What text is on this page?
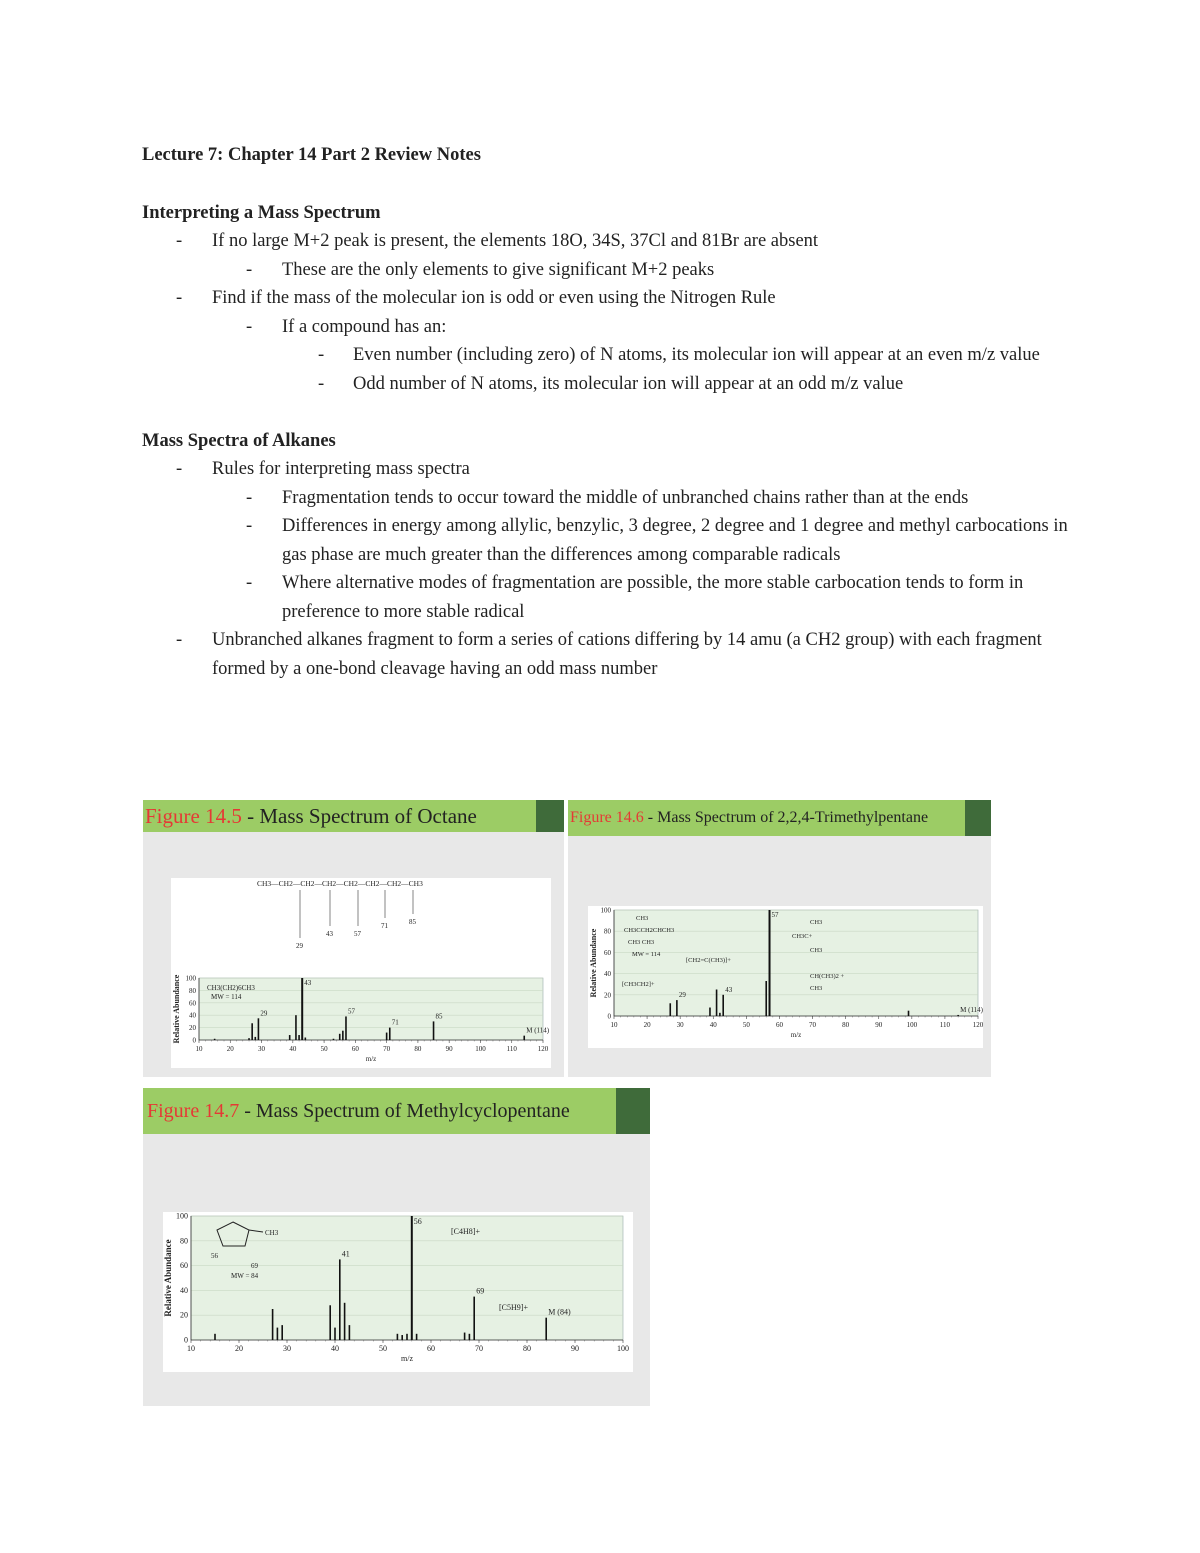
Lecture 7: Chapter 14 Part 2 Review Notes
Interpreting a Mass Spectrum
- If no large M+2 peak is present, the elements 18O, 34S, 37Cl and 81Br are absent
- These are the only elements to give significant M+2 peaks
- Find if the mass of the molecular ion is odd or even using the Nitrogen Rule
- If a compound has an:
- Even number (including zero) of N atoms, its molecular ion will appear at an even m/z value
- Odd number of N atoms, its molecular ion will appear at an odd m/z value
Mass Spectra of Alkanes
- Rules for interpreting mass spectra
- Fragmentation tends to occur toward the middle of unbranched chains rather than at the ends
- Differences in energy among allylic, benzylic, 3 degree, 2 degree and 1 degree and methyl carbocations in gas phase are much greater than the differences among comparable radicals
- Where alternative modes of fragmentation are possible, the more stable carbocation tends to form in preference to more stable radical
- Unbranched alkanes fragment to form a series of cations differing by 14 amu (a CH2 group) with each fragment formed by a one-bond cleavage having an odd mass number
Figure 14.5 - Mass Spectrum of Octane
0
20
40
60
80
100
10	20	30	40	50	60	70	80	90	100	110	120
m/z
Relative Abundance	29
43
57
71
85
M (114)
CH3—CH2—CH2—CH2—CH2—CH2—CH2—CH3
CH3(CH2)6CH3
MW = 114
29
43	57
71	85
Figure 14.6 - Mass Spectrum of 2,2,4-Trimethylpentane
0
20
40
60
80
100
10	20	30	40	50	60	70	80	90	100	110	120
m/z
Relative Abundance	29
43
57
M (114)
CH3
CH3CCH2CHCH3
CH3 CH3
MW = 114
[CH2=C(CH3)]+
[CH3CH2]+
CH3
CH3C+
CH3
CH(CH3)2 +
CH3
Figure 14.7 - Mass Spectrum of Methylcyclopentane
0
20
40
60
80
100
10	20	30	40	50	60	70	80	90	100
m/z
Relative Abundance	41
56
69
M (84)
CH3
56
69
MW = 84
[C4H8]+
[C5H9]+
